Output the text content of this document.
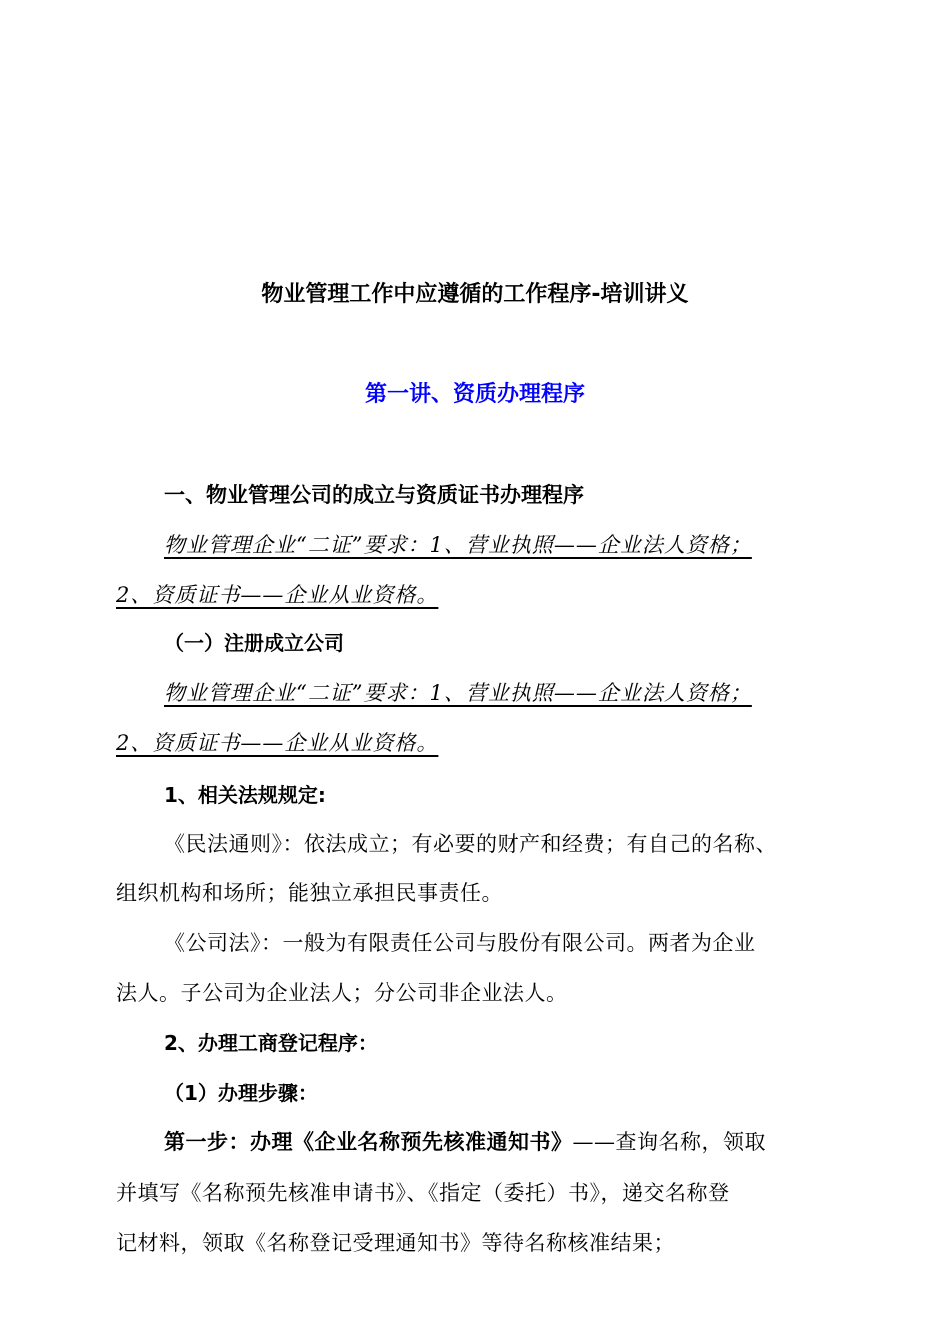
物业管理工作中应遵循的工作程序-培训讲义
第一讲、资质办理程序
一、物业管理公司的成立与资质证书办理程序
物业管理企业“二证”要求：1、营业执照——企业法人资格；
2、资质证书——企业从业资格。
（一）注册成立公司
物业管理企业“二证”要求：1、营业执照——企业法人资格；
2、资质证书——企业从业资格。
1、相关法规规定:
《民法通则》：依法成立；有必要的财产和经费；有自己的名称、
组织机构和场所；能独立承担民事责任。
《公司法》：一般为有限责任公司与股份有限公司。两者为企业
法人。子公司为企业法人；分公司非企业法人。
2、办理工商登记程序：
（1）办理步骤：
第一步：办理《企业名称预先核准通知书》——查询名称，领取
并填写《名称预先核准申请书》、《指定（委托）书》，递交名称登
记材料，领取《名称登记受理通知书》等待名称核准结果；
